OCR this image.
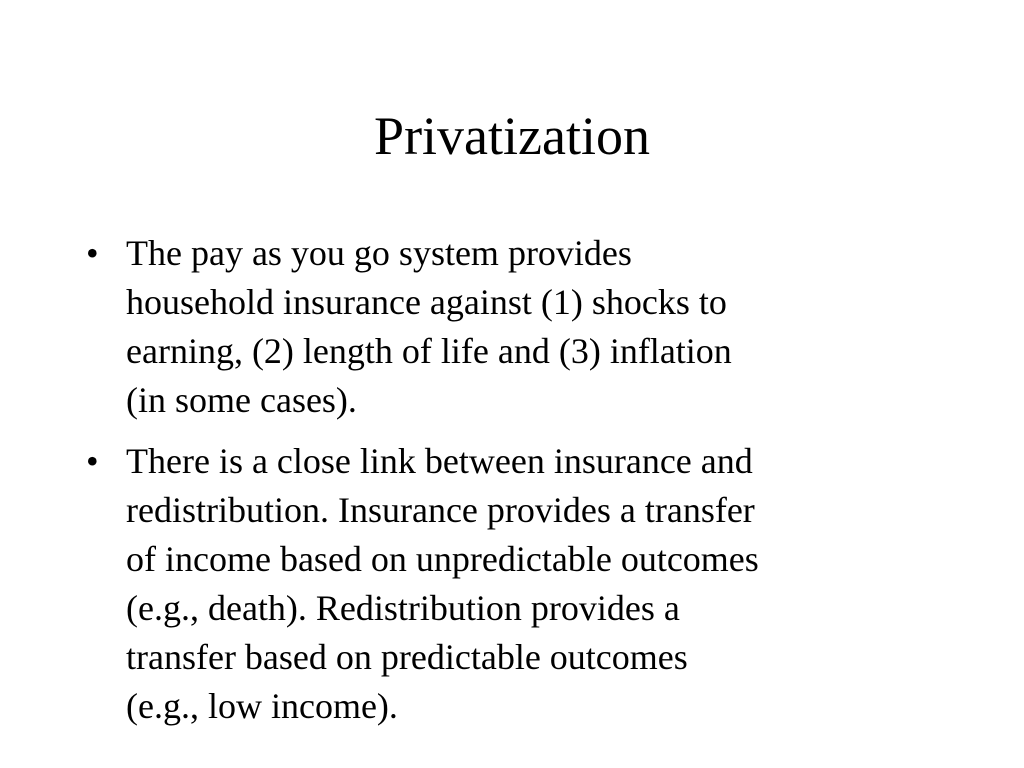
Privatization
• The pay as you go system provides
household insurance against (1) shocks to
earning, (2) length of life and (3) inflation
(in some cases).
• There is a close link between insurance and
redistribution. Insurance provides a transfer
of income based on unpredictable outcomes
(e.g., death). Redistribution provides a
transfer based on predictable outcomes
(e.g., low income).
